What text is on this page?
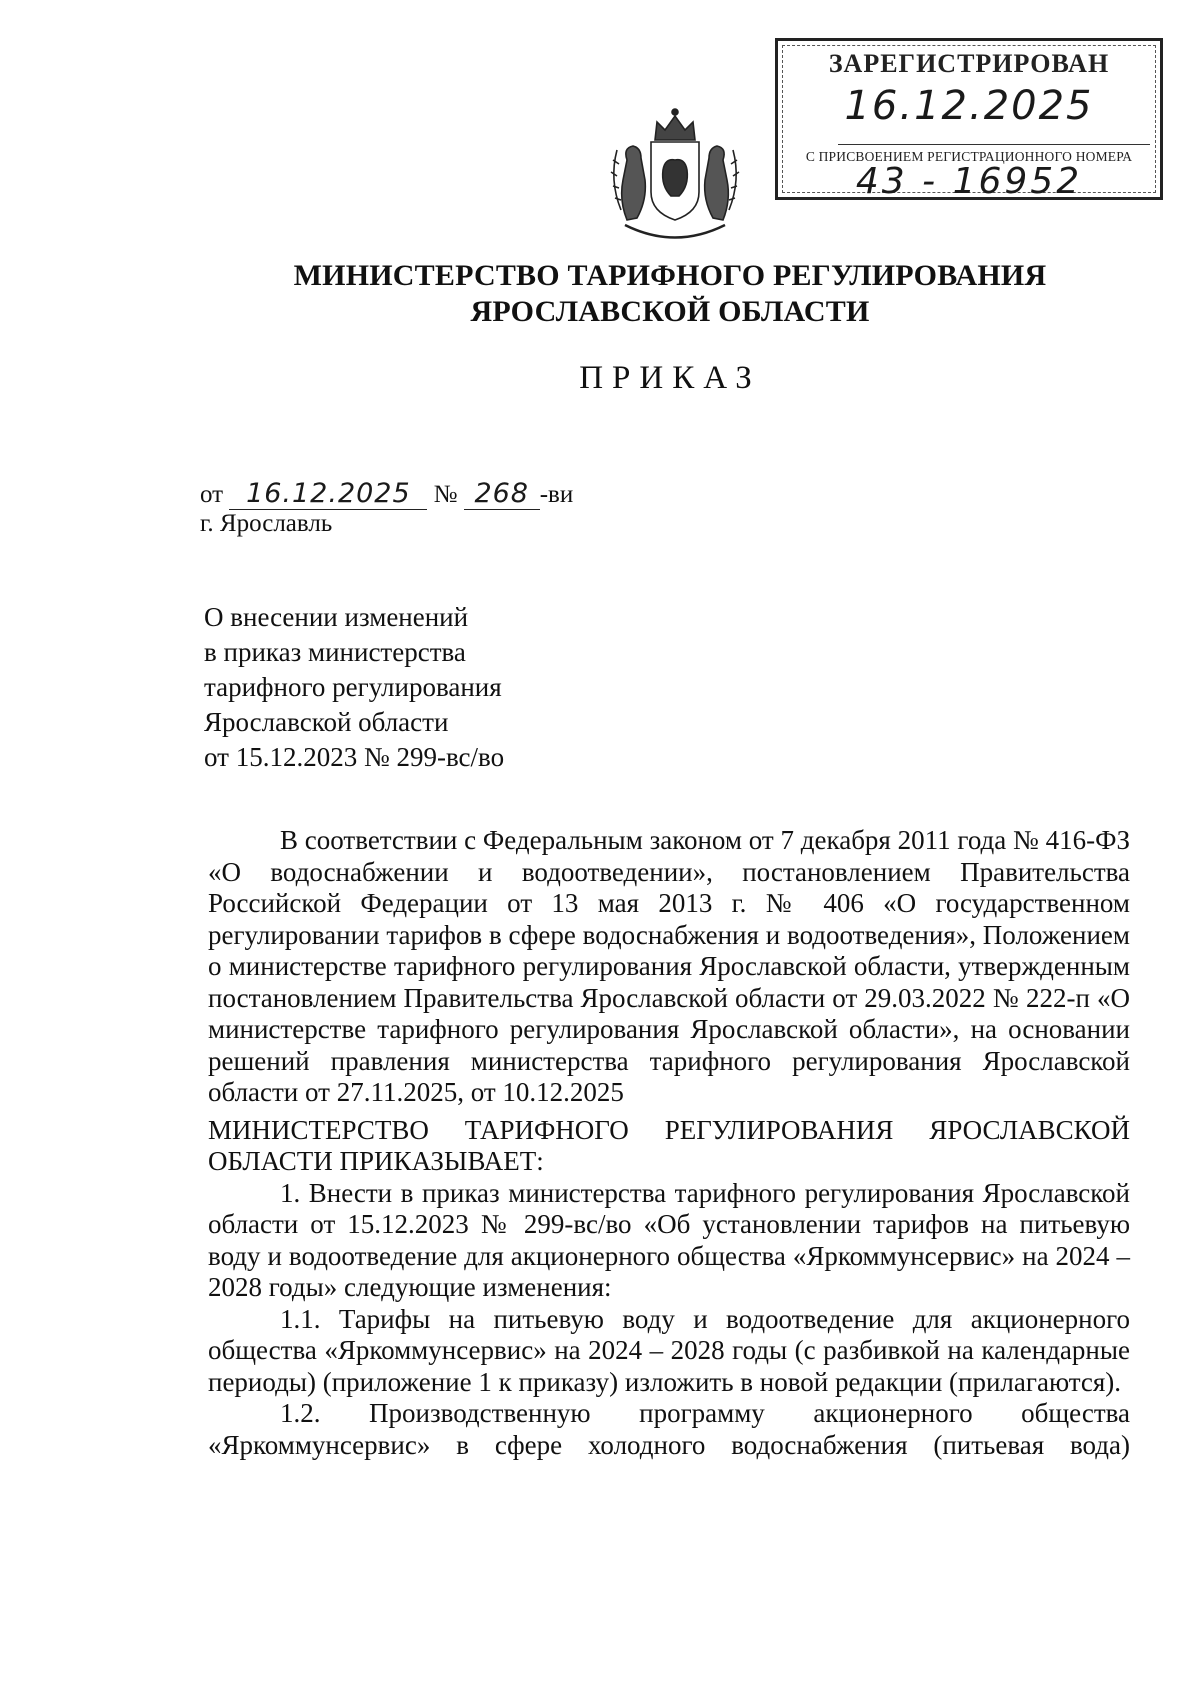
ЗАРЕГИСТРИРОВАН
16.12.2025
С ПРИСВОЕНИЕМ РЕГИСТРАЦИОННОГО НОМЕРА
43 - 16952
МИНИСТЕРСТВО ТАРИФНОГО РЕГУЛИРОВАНИЯ
ЯРОСЛАВСКОЙ ОБЛАСТИ
ПРИКАЗ
от 16.12.2025 № 268 -ви
г. Ярославль
О внесении изменений
в приказ министерства
тарифного регулирования
Ярославской области
от 15.12.2023 № 299-вс/во

В соответствии с Федеральным законом от 7 декабря 2011 года № 416-ФЗ «О водоснабжении и водоотведении», постановлением Правительства Российской Федерации от 13 мая 2013 г. № 406 «О государственном регулировании тарифов в сфере водоснабжения и водоотведения», Положением о министерстве тарифного регулирования Ярославской области, утвержденным постановлением Правительства Ярославской области от 29.03.2022 № 222-п «О министерстве тарифного регулирования Ярославской области», на основании решений правления министерства тарифного регулирования Ярославской области от 27.11.2025, от 10.12.2025

МИНИСТЕРСТВО ТАРИФНОГО РЕГУЛИРОВАНИЯ ЯРОСЛАВСКОЙ ОБЛАСТИ ПРИКАЗЫВАЕТ:

1. Внести в приказ министерства тарифного регулирования Ярославской области от 15.12.2023 № 299-вс/во «Об установлении тарифов на питьевую воду и водоотведение для акционерного общества «Яркоммунсервис» на 2024 – 2028 годы» следующие изменения:

1.1. Тарифы на питьевую воду и водоотведение для акционерного общества «Яркоммунсервис» на 2024 – 2028 годы (с разбивкой на календарные периоды) (приложение 1 к приказу) изложить в новой редакции (прилагаются).

1.2. Производственную программу акционерного общества «Яркоммунсервис» в сфере холодного водоснабжения (питьевая вода)
